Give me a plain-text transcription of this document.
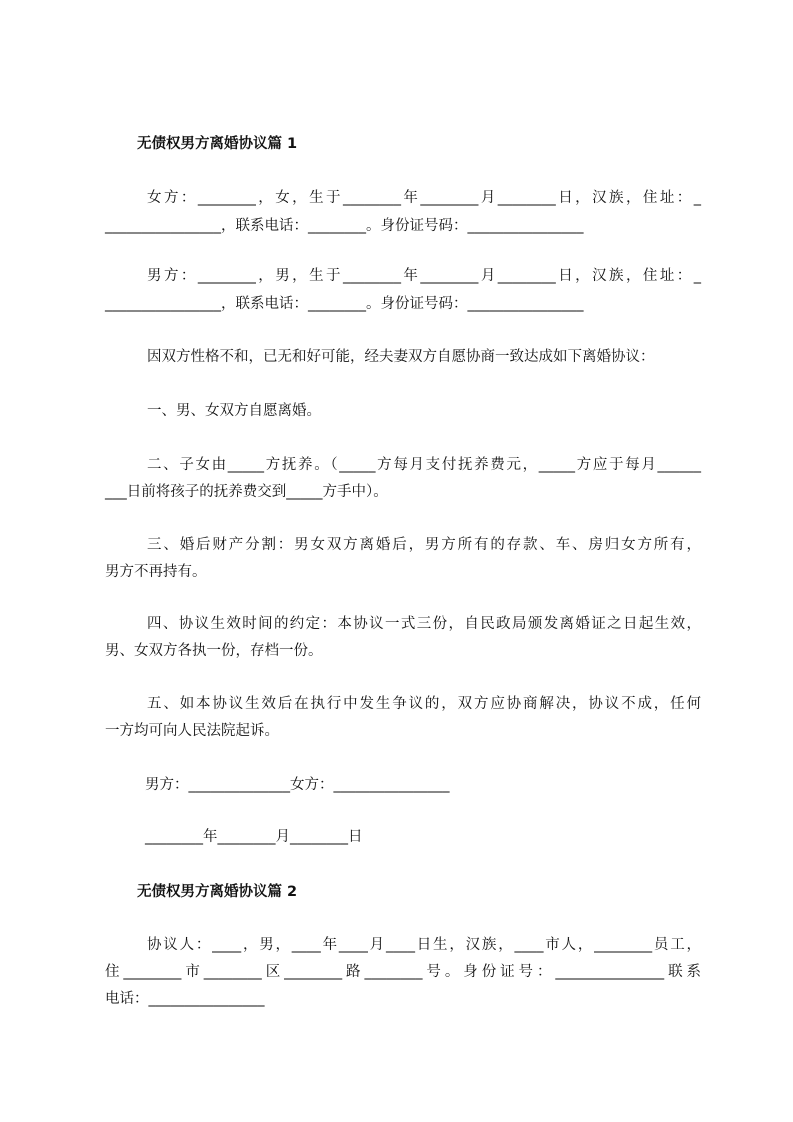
无债权男方离婚协议篇 1
女方：________，女，生于________年________月________日，汉族，住址：_
________________，联系电话：________。身份证号码：________________
男方：________，男，生于________年________月________日，汉族，住址：_
________________，联系电话：________。身份证号码：________________
因双方性格不和，已无和好可能，经夫妻双方自愿协商一致达成如下离婚协议：
一、男、女双方自愿离婚。
二、子女由_____方抚养。（_____方每月支付抚养费元，_____方应于每月______
___日前将孩子的抚养费交到_____方手中）。
三、婚后财产分割：男女双方离婚后，男方所有的存款、车、房归女方所有，
男方不再持有。
四、协议生效时间的约定：本协议一式三份，自民政局颁发离婚证之日起生效，
男、女双方各执一份，存档一份。
五、如本协议生效后在执行中发生争议的，双方应协商解决，协议不成，任何
一方均可向人民法院起诉。
男方：______________女方：________________
________年________月________日
无债权男方离婚协议篇 2
协议人：____，男，____年____月____日生，汉族，____市人，________员工，
住________市________区________路________号。身份证号：_______________联系
电话：________________
